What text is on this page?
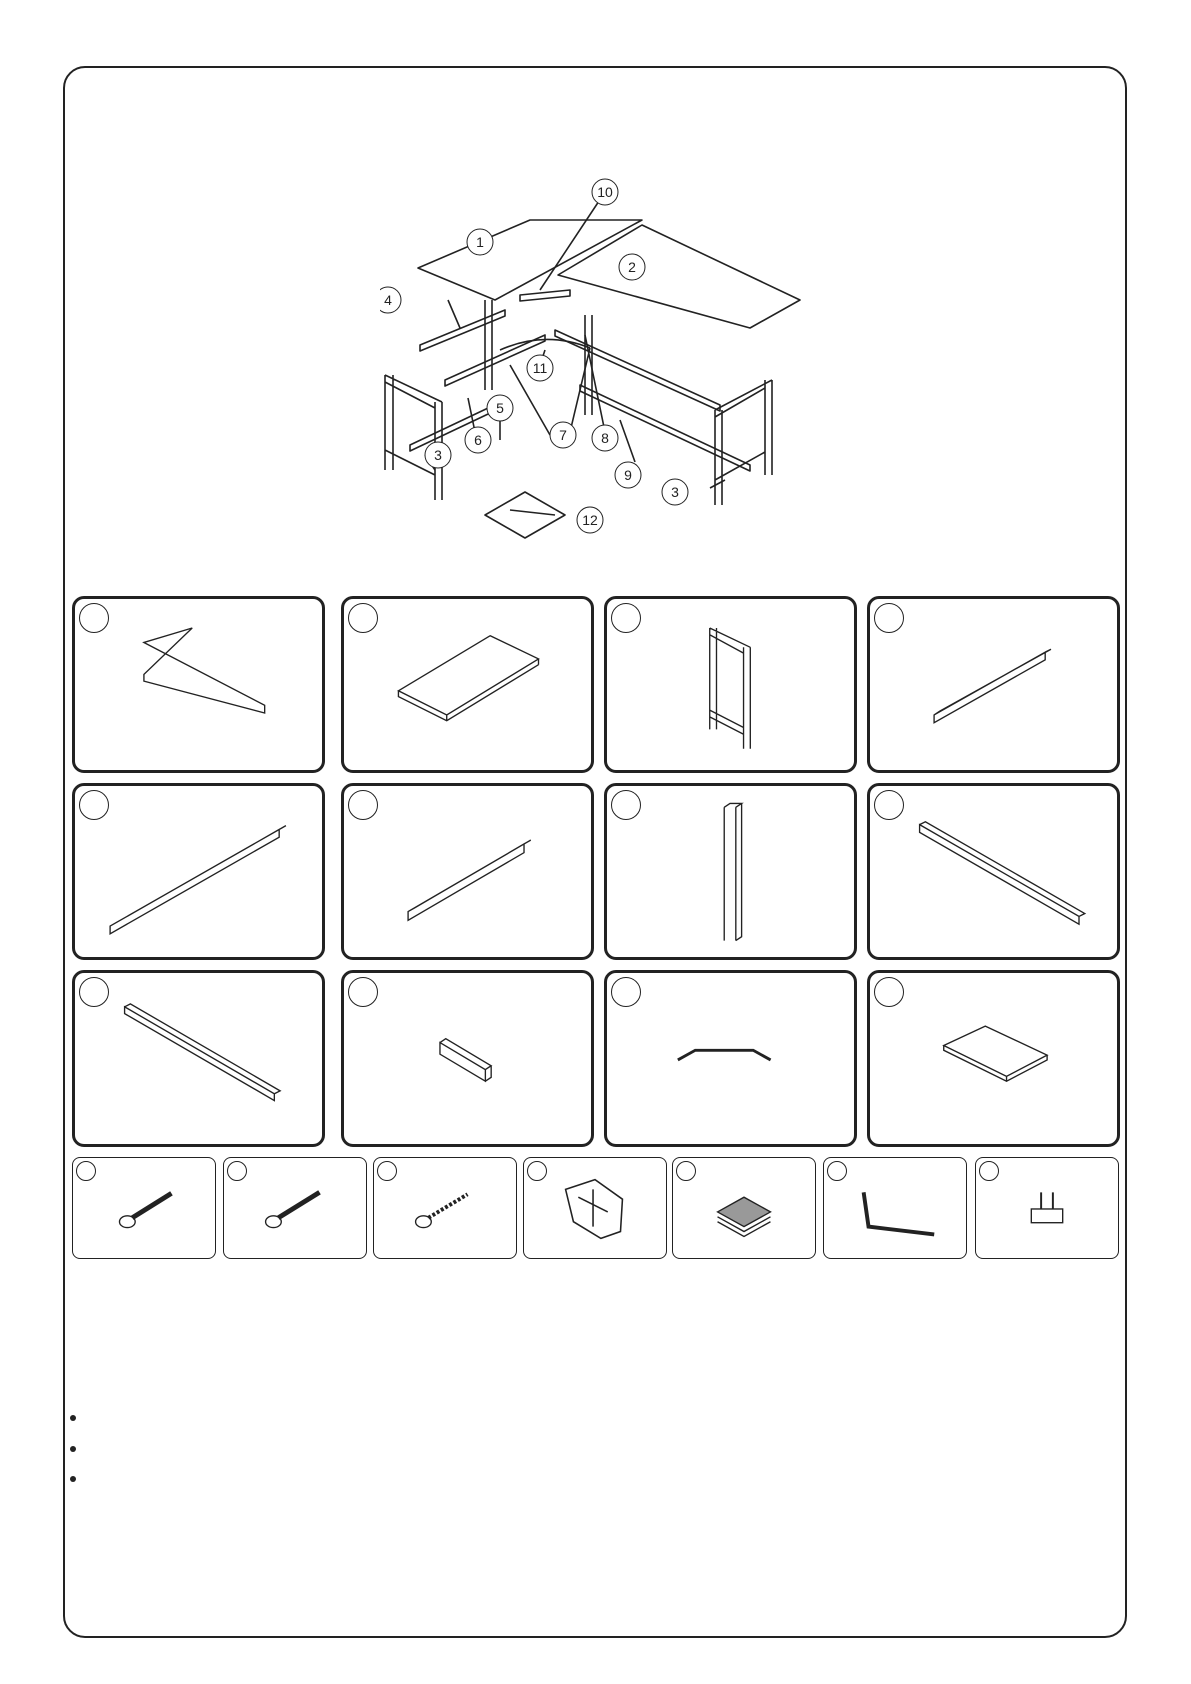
1
2
3
3
4
5
6	7 8
9
10
11
12
